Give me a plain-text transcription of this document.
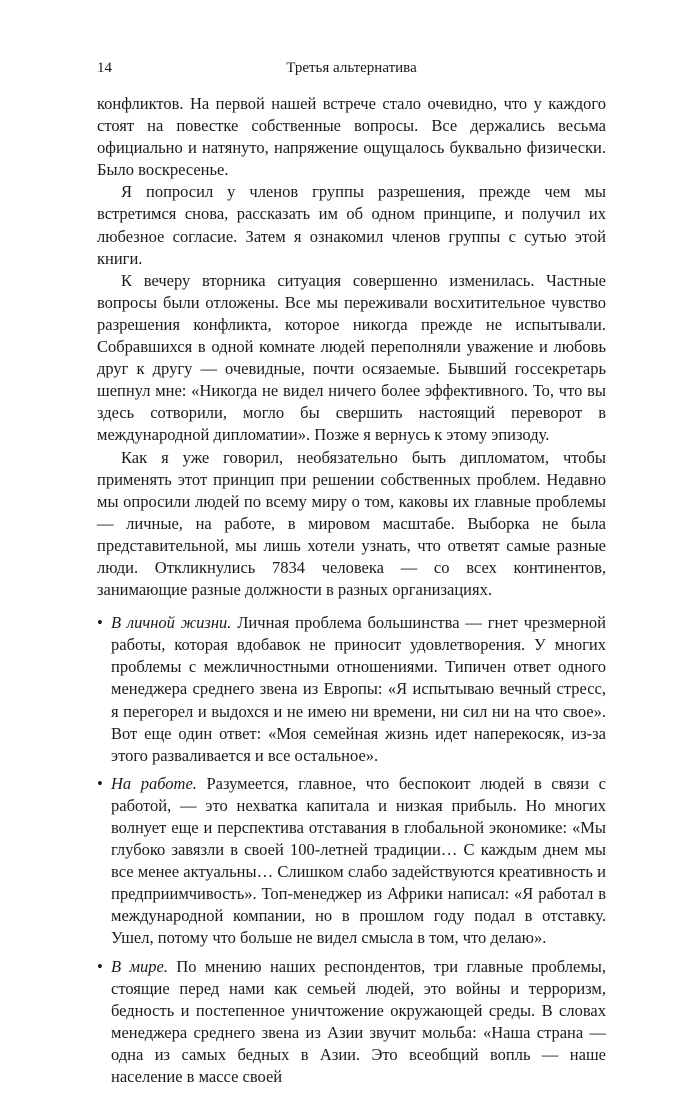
14	Третья альтернатива

конфликтов. На первой нашей встрече стало очевидно, что у каждого стоят на повестке собственные вопросы. Все держались весьма официально и натянуто, напряжение ощущалось буквально физически. Было воскресенье.

Я попросил у членов группы разрешения, прежде чем мы встретимся снова, рассказать им об одном принципе, и получил их любезное согласие. Затем я ознакомил членов группы с сутью этой книги.

К вечеру вторника ситуация совершенно изменилась. Частные вопросы были отложены. Все мы переживали восхитительное чувство разрешения конфликта, которое никогда прежде не испытывали. Собравшихся в одной комнате людей переполняли уважение и любовь друг к другу — очевидные, почти осязаемые. Бывший госсекретарь шепнул мне: «Никогда не видел ничего более эффективного. То, что вы здесь сотворили, могло бы свершить настоящий переворот в международной дипломатии». Позже я вернусь к этому эпизоду.

Как я уже говорил, необязательно быть дипломатом, чтобы применять этот принцип при решении собственных проблем. Недавно мы опросили людей по всему миру о том, каковы их главные проблемы — личные, на работе, в мировом масштабе. Выборка не была представительной, мы лишь хотели узнать, что ответят самые разные люди. Откликнулись 7834 человека — со всех континентов, занимающие разные должности в разных организациях.

• В личной жизни. Личная проблема большинства — гнет чрезмерной работы, которая вдобавок не приносит удовлетворения. У многих проблемы с межличностными отношениями. Типичен ответ одного менеджера среднего звена из Европы: «Я испытываю вечный стресс, я перегорел и выдохся и не имею ни времени, ни сил ни на что свое». Вот еще один ответ: «Моя семейная жизнь идет наперекосяк, из-за этого разваливается и все остальное».
• На работе. Разумеется, главное, что беспокоит людей в связи с работой, — это нехватка капитала и низкая прибыль. Но многих волнует еще и перспектива отставания в глобальной экономике: «Мы глубоко завязли в своей 100-летней традиции… С каждым днем мы все менее актуальны… Слишком слабо задействуются креативность и предприимчивость». Топ-менеджер из Африки написал: «Я работал в международной компании, но в прошлом году подал в отставку. Ушел, потому что больше не видел смысла в том, что делаю».
• В мире. По мнению наших респондентов, три главные проблемы, стоящие перед нами как семьей людей, это войны и терроризм, бедность и постепенное уничтожение окружающей среды. В словах менеджера среднего звена из Азии звучит мольба: «Наша страна — одна из самых бедных в Азии. Это всеобщий вопль — наше население в массе своей
